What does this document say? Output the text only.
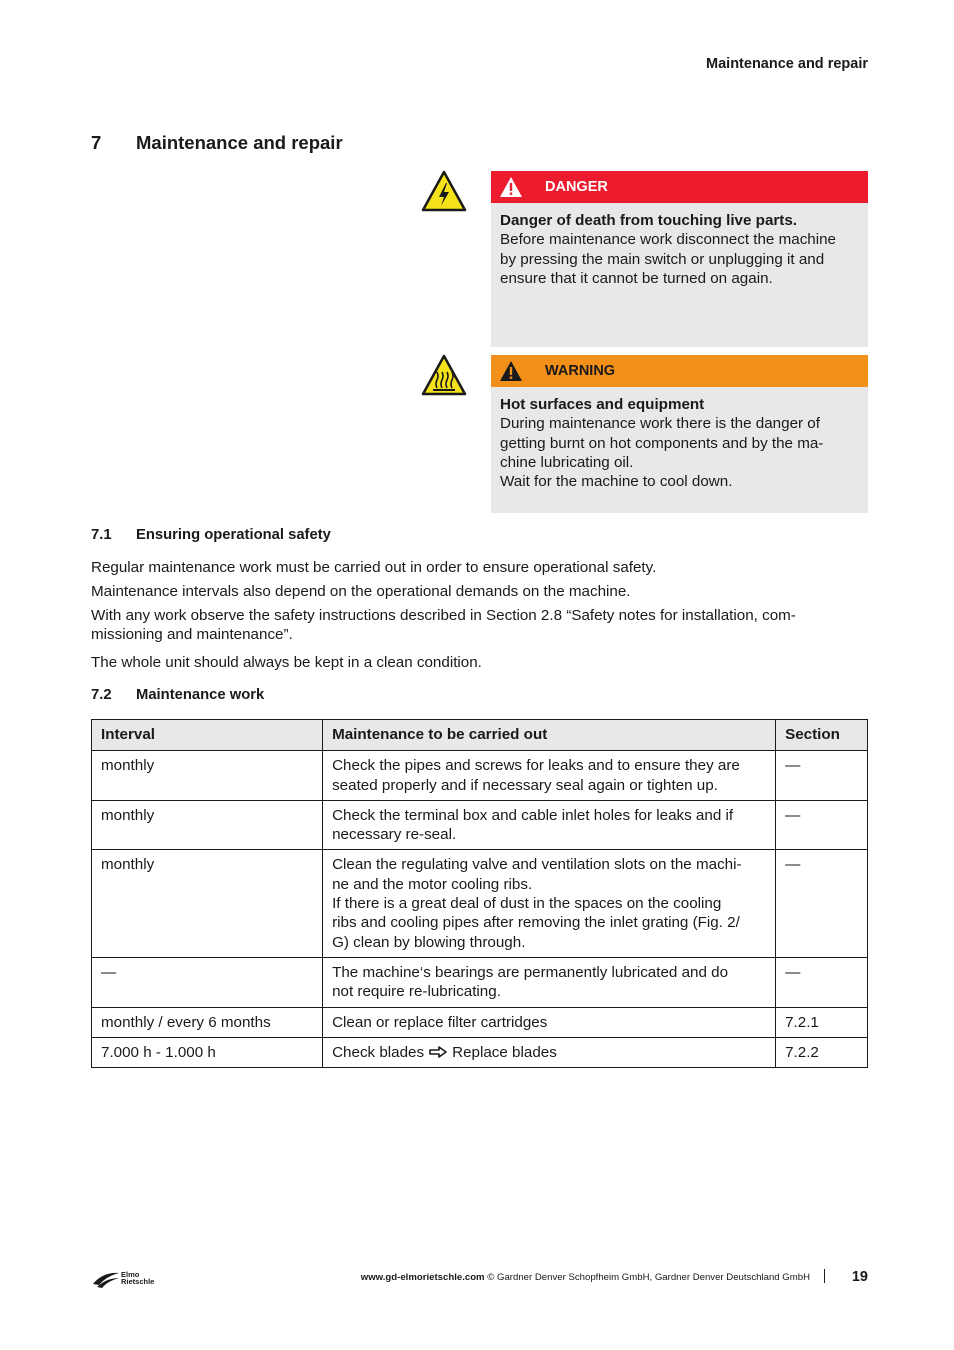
Maintenance and repair
7 Maintenance and repair
DANGER
Danger of death from touching live parts.
Before maintenance work disconnect the machine
by pressing the main switch or unplugging it and
ensure that it cannot be turned on again.
WARNING
Hot surfaces and equipment
During maintenance work there is the danger of
getting burnt on hot components and by the ma-
chine lubricating oil.
Wait for the machine to cool down.
7.1 Ensuring operational safety
Regular maintenance work must be carried out in order to ensure operational safety.
Maintenance intervals also depend on the operational demands on the machine.
With any work observe the safety instructions described in Section 2.8 “Safety notes for installation, com-
missioning and maintenance”.
The whole unit should always be kept in a clean condition.
7.2 Maintenance work
Interval	Maintenance to be carried out	Section
monthly	Check the pipes and screws for leaks and to ensure they are
seated properly and if necessary seal again or tighten up.	—
monthly	Check the terminal box and cable inlet holes for leaks and if
necessary re-seal.	—
monthly	Clean the regulating valve and ventilation slots on the machi-
ne and the motor cooling ribs.
If there is a great deal of dust in the spaces on the cooling
ribs and cooling pipes after removing the inlet grating (Fig. 2/
G) clean by blowing through.	—
—	The machine‘s bearings are permanently lubricated and do
not require re-lubricating.	—
monthly / every 6 months	Clean or replace filter cartridges	7.2.1
7.000 h - 1.000 h	Check blades Replace blades	7.2.2
Elmo
Rietschle	www.gd-elmorietschle.com © Gardner Denver Schopfheim GmbH, Gardner Denver Deutschland GmbH	19
